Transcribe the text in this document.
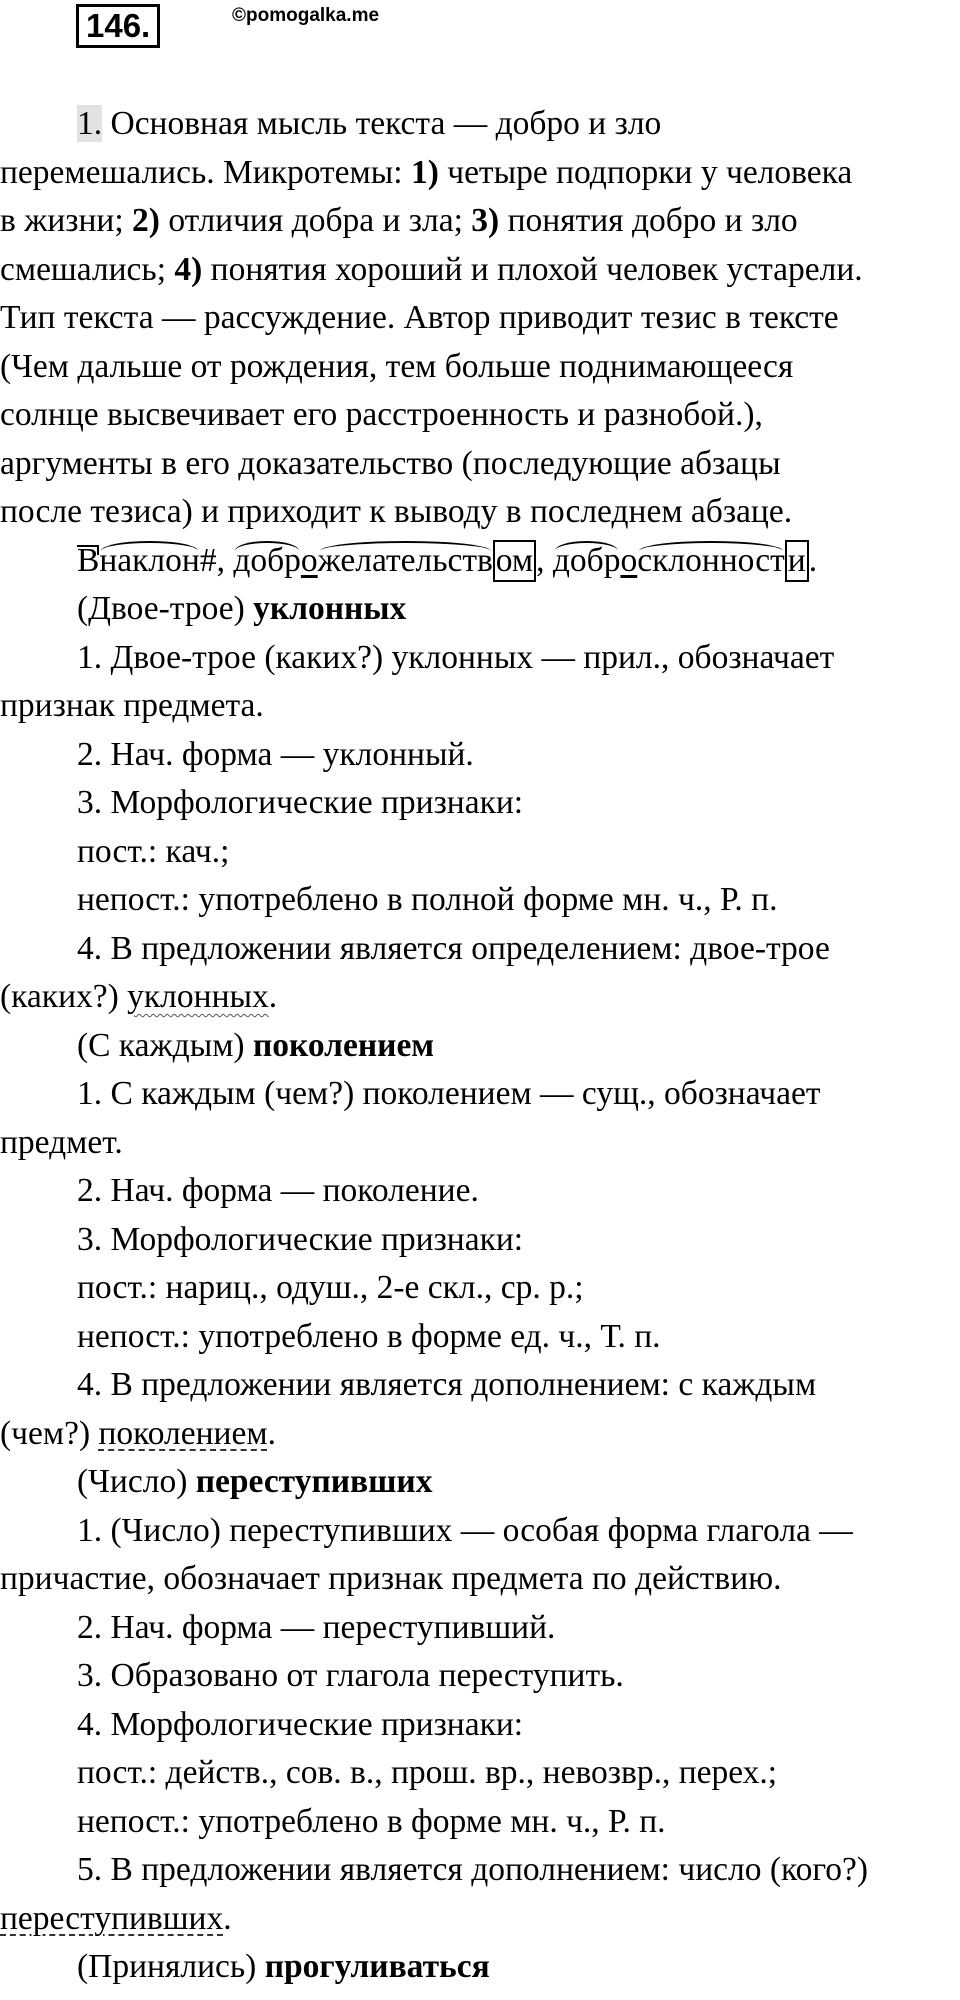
146.	©pomogalka.me
1. Основная мысль текста — добро и зло
перемешались. Микротемы: 1) четыре подпорки у человека
в жизни; 2) отличия добра и зла; 3) понятия добро и зло
смешались; 4) понятия хороший и плохой человек устарели.
Тип текста — рассуждение. Автор приводит тезис в тексте
(Чем дальше от рождения, тем больше поднимающееся
солнце высвечивает его расстроенность и разнобой.),
аргументы в его доказательство (последующие абзацы
после тезиса) и приходит к выводу в последнем абзаце.
Внаклон#, доброжелательством, добросклонности.
(Двое-трое) уклонных
1. Двое-трое (каких?) уклонных — прил., обозначает
признак предмета.
2. Нач. форма — уклонный.
3. Морфологические признаки:
пост.: кач.;
непост.: употреблено в полной форме мн. ч., Р. п.
4. В предложении является определением: двое-трое
(каких?) уклонных.
(С каждым) поколением
1. С каждым (чем?) поколением — сущ., обозначает
предмет.
2. Нач. форма — поколение.
3. Морфологические признаки:
пост.: нариц., одуш., 2-е скл., ср. р.;
непост.: употреблено в форме ед. ч., Т. п.
4. В предложении является дополнением: с каждым
(чем?) поколением.
(Число) переступивших
1. (Число) переступивших — особая форма глагола —
причастие, обозначает признак предмета по действию.
2. Нач. форма — переступивший.
3. Образовано от глагола переступить.
4. Морфологические признаки:
пост.: действ., сов. в., прош. вр., невозвр., перех.;
непост.: употреблено в форме мн. ч., Р. п.
5. В предложении является дополнением: число (кого?)
переступивших.
(Принялись) прогуливаться
